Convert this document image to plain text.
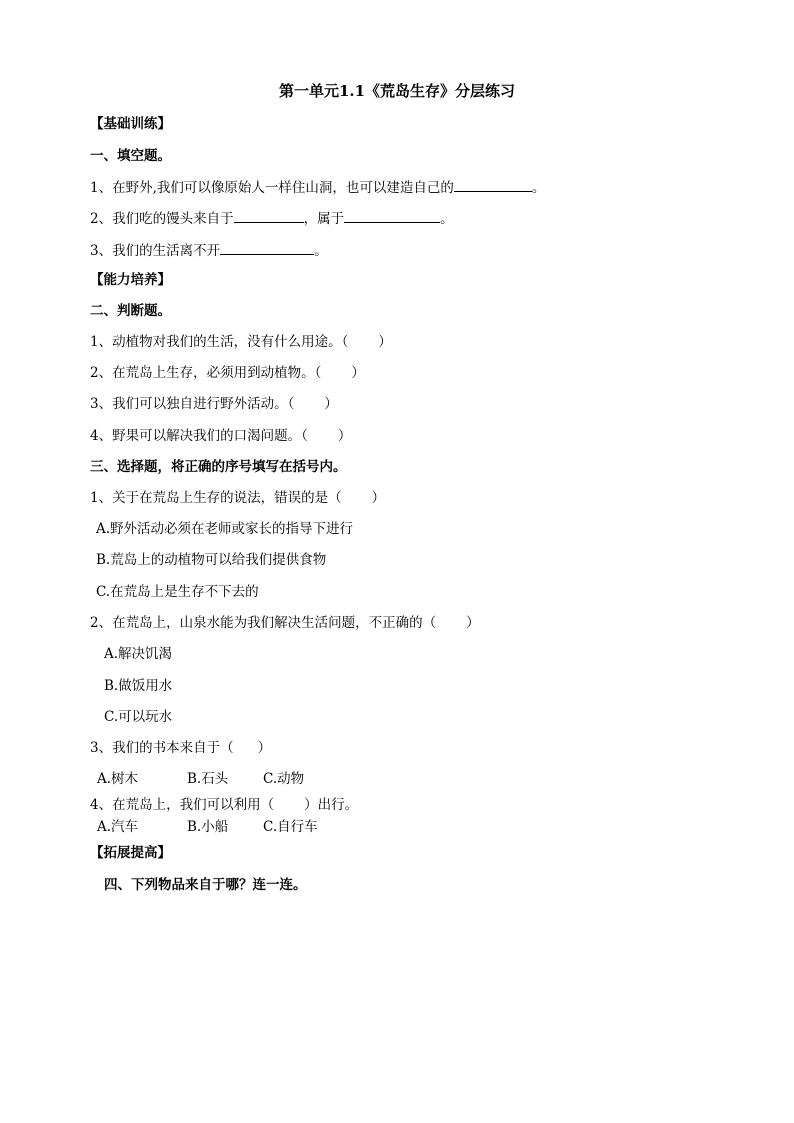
第一单元1.1《荒岛生存》分层练习
【基础训练】
一、填空题。
1、在野外,我们可以像原始人一样住山洞，也可以建造自己的	。
2、我们吃的馒头来自于	，属于	。
3、我们的生活离不开	。
【能力培养】
二、判断题。
1、动植物对我们的生活，没有什么用途。（ ）
2、在荒岛上生存，必须用到动植物。（ ）
3、我们可以独自进行野外活动。（ ）
4、野果可以解决我们的口渴问题。（ ）
三、选择题，将正确的序号填写在括号内。
1、关于在荒岛上生存的说法，错误的是（ ）
A.野外活动必须在老师或家长的指导下进行
B.荒岛上的动植物可以给我们提供食物
C.在荒岛上是生存不下去的
2、在荒岛上，山泉水能为我们解决生活问题，不正确的（ ）
A.解决饥渴
B.做饭用水
C.可以玩水
3、我们的书本来自于（ ）
A.树木	B.石头	C.动物
4、在荒岛上，我们可以利用（ ）出行。
A.汽车	B.小船	C.自行车
【拓展提高】
四、下列物品来自于哪？连一连。
